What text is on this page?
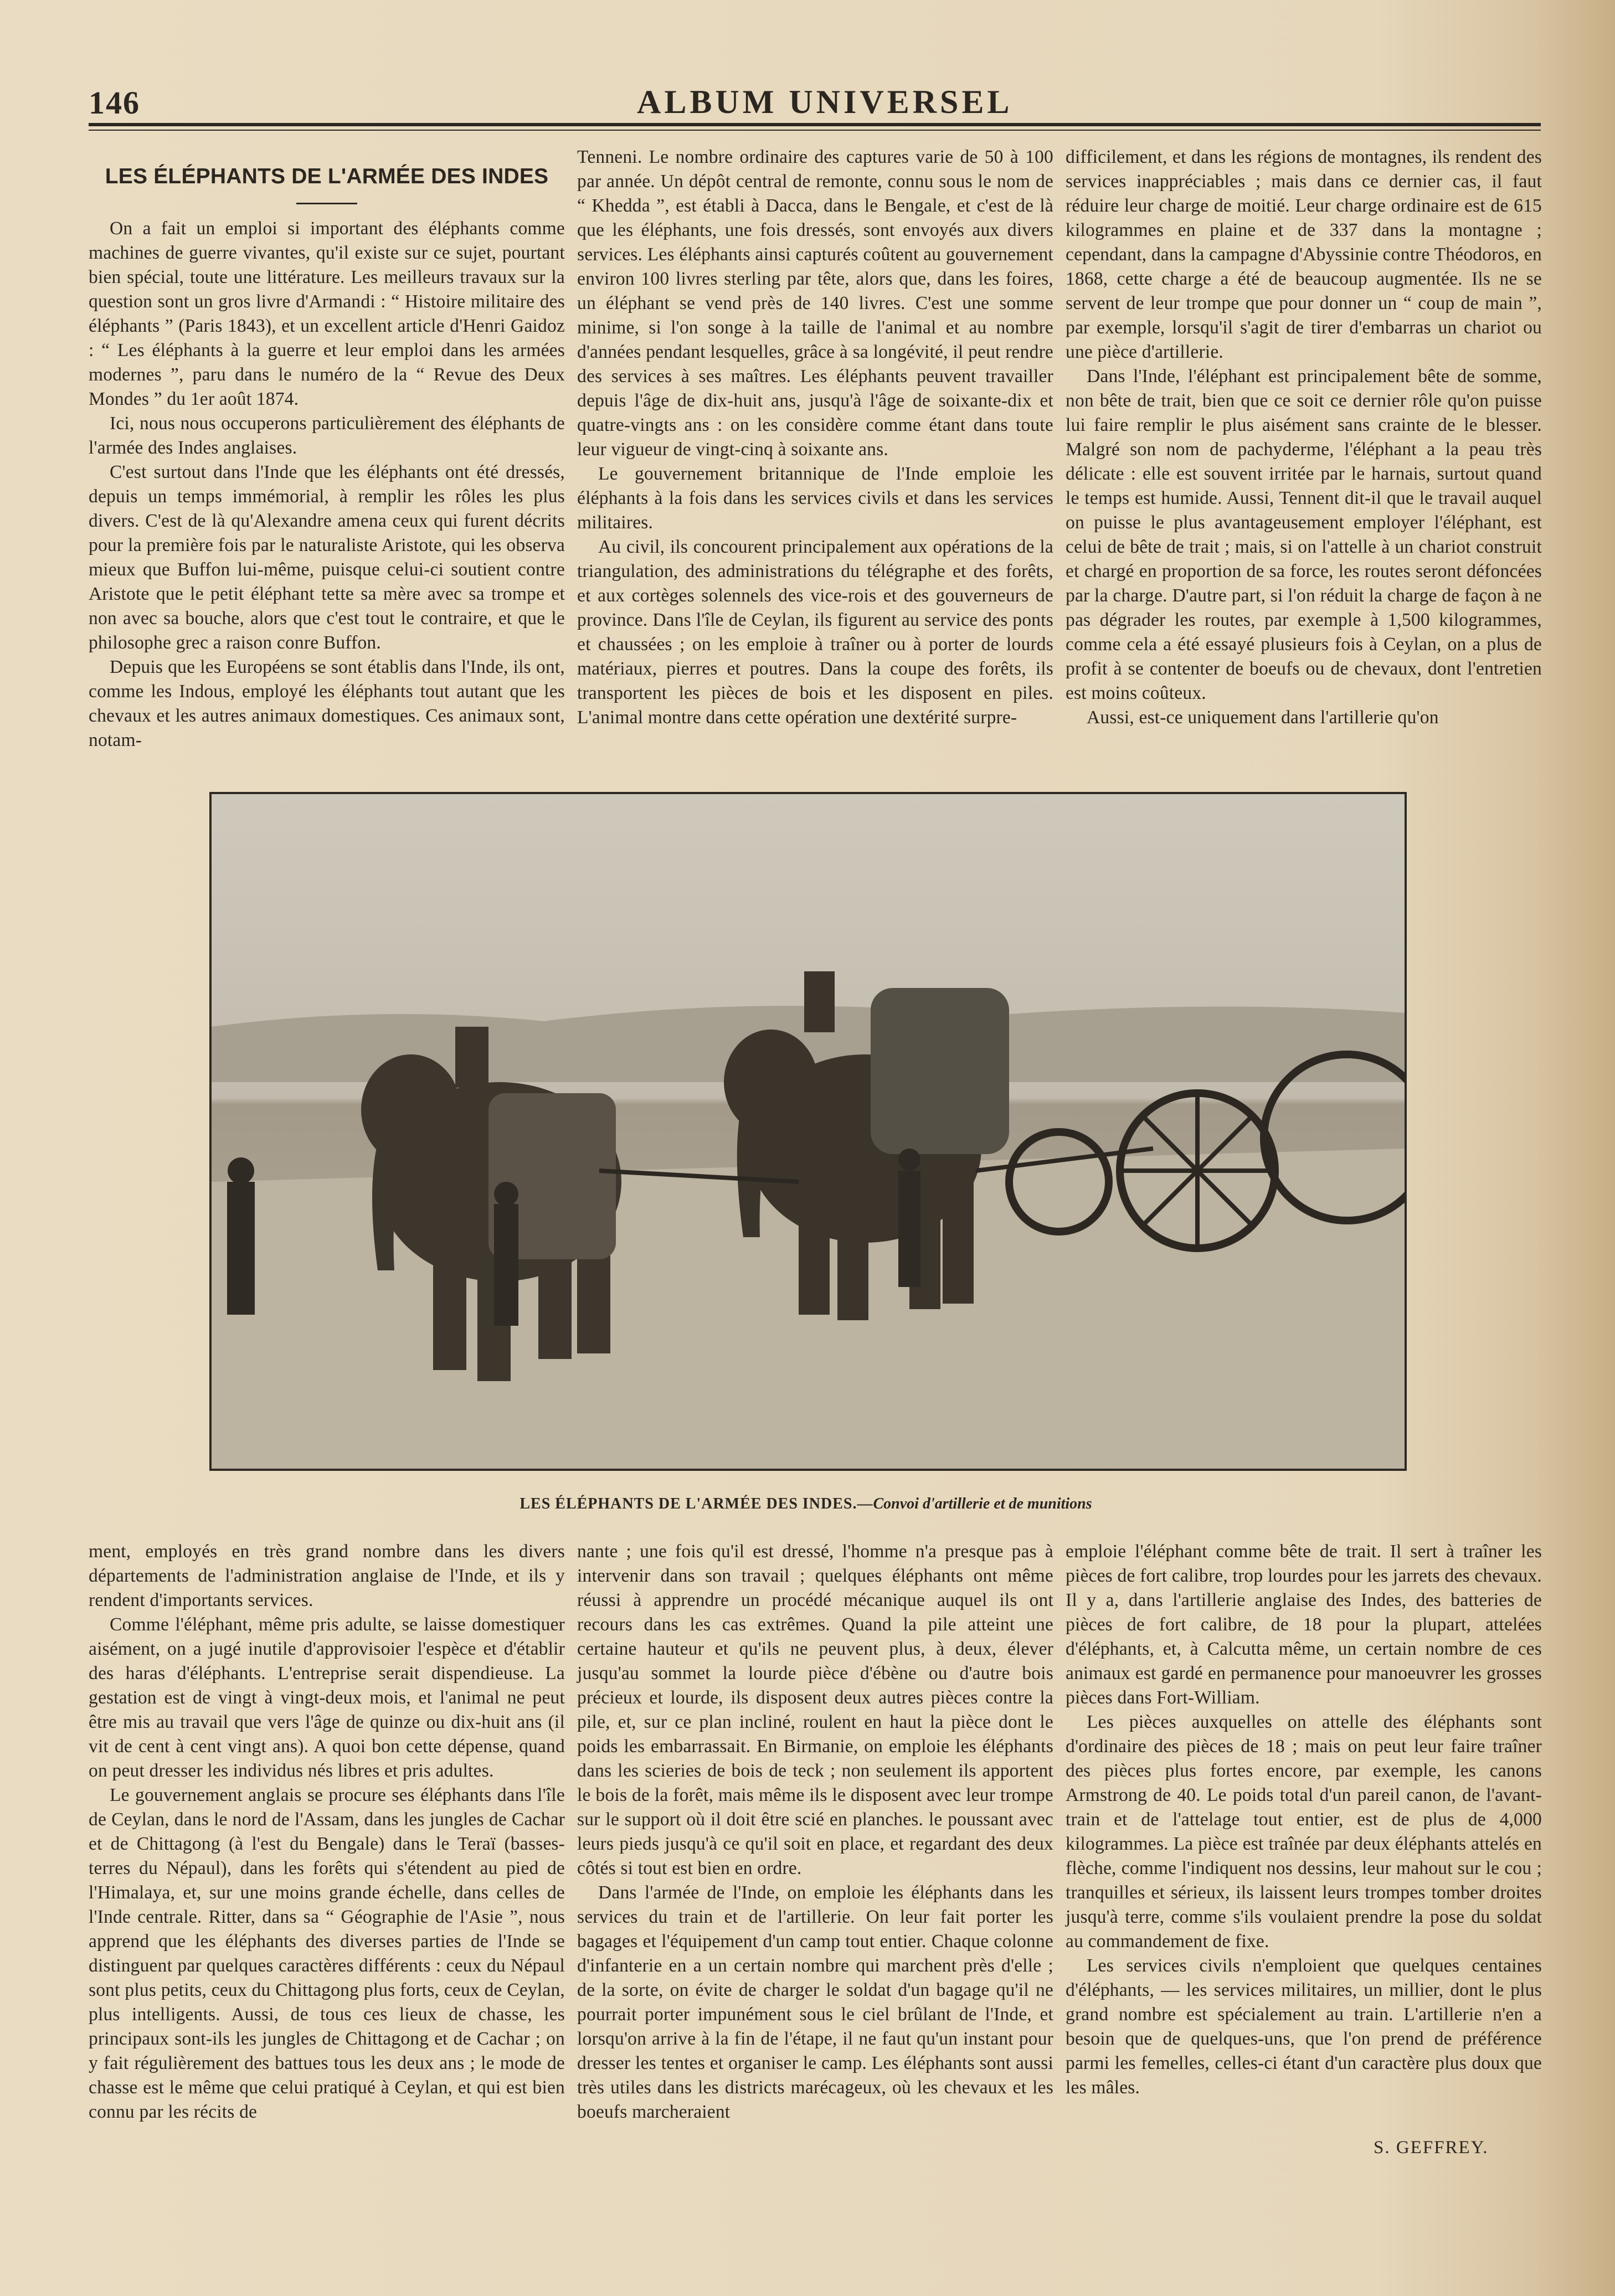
146	ALBUM UNIVERSEL
LES ÉLÉPHANTS DE L'ARMÉE DES INDES

On a fait un emploi si important des éléphants comme machines de guerre vivantes, qu'il existe sur ce sujet, pourtant bien spécial, toute une littérature. Les meilleurs travaux sur la question sont un gros livre d'Armandi : “ Histoire militaire des éléphants ” (Paris 1843), et un excellent article d'Henri Gaidoz : “ Les éléphants à la guerre et leur emploi dans les armées modernes ”, paru dans le numéro de la “ Revue des Deux Mondes ” du 1er août 1874.

Ici, nous nous occuperons particulièrement des éléphants de l'armée des Indes anglaises.

C'est surtout dans l'Inde que les éléphants ont été dressés, depuis un temps immémorial, à remplir les rôles les plus divers. C'est de là qu'Alexandre amena ceux qui furent décrits pour la première fois par le naturaliste Aristote, qui les observa mieux que Buffon lui-même, puisque celui-ci soutient contre Aristote que le petit éléphant tette sa mère avec sa trompe et non avec sa bouche, alors que c'est tout le contraire, et que le philosophe grec a raison conre Buffon.

Depuis que les Européens se sont établis dans l'Inde, ils ont, comme les Indous, employé les éléphants tout autant que les chevaux et les autres animaux domestiques. Ces animaux sont, notam-

Tenneni. Le nombre ordinaire des captures varie de 50 à 100 par année. Un dépôt central de remonte, connu sous le nom de “ Khedda ”, est établi à Dacca, dans le Bengale, et c'est de là que les éléphants, une fois dressés, sont envoyés aux divers services. Les éléphants ainsi capturés coûtent au gouvernement environ 100 livres sterling par tête, alors que, dans les foires, un éléphant se vend près de 140 livres. C'est une somme minime, si l'on songe à la taille de l'animal et au nombre d'années pendant lesquelles, grâce à sa longévité, il peut rendre des services à ses maîtres. Les éléphants peuvent travailler depuis l'âge de dix-huit ans, jusqu'à l'âge de soixante-dix et quatre-vingts ans : on les considère comme étant dans toute leur vigueur de vingt-cinq à soixante ans.

Le gouvernement britannique de l'Inde emploie les éléphants à la fois dans les services civils et dans les services militaires.

Au civil, ils concourent principalement aux opérations de la triangulation, des administrations du télégraphe et des forêts, et aux cortèges solennels des vice-rois et des gouverneurs de province. Dans l'île de Ceylan, ils figurent au service des ponts et chaussées ; on les emploie à traîner ou à porter de lourds matériaux, pierres et poutres. Dans la coupe des forêts, ils transportent les pièces de bois et les disposent en piles. L'animal montre dans cette opération une dextérité surpre-

difficilement, et dans les régions de montagnes, ils rendent des services inappréciables ; mais dans ce dernier cas, il faut réduire leur charge de moitié. Leur charge ordinaire est de 615 kilogrammes en plaine et de 337 dans la montagne ; cependant, dans la campagne d'Abyssinie contre Théodoros, en 1868, cette charge a été de beaucoup augmentée. Ils ne se servent de leur trompe que pour donner un “ coup de main ”, par exemple, lorsqu'il s'agit de tirer d'embarras un chariot ou une pièce d'artillerie.

Dans l'Inde, l'éléphant est principalement bête de somme, non bête de trait, bien que ce soit ce dernier rôle qu'on puisse lui faire remplir le plus aisément sans crainte de le blesser. Malgré son nom de pachyderme, l'éléphant a la peau très délicate : elle est souvent irritée par le harnais, surtout quand le temps est humide. Aussi, Tennent dit-il que le travail auquel on puisse le plus avantageusement employer l'éléphant, est celui de bête de trait ; mais, si on l'attelle à un chariot construit et chargé en proportion de sa force, les routes seront défoncées par la charge. D'autre part, si l'on réduit la charge de façon à ne pas dégrader les routes, par exemple à 1,500 kilogrammes, comme cela a été essayé plusieurs fois à Ceylan, on a plus de profit à se contenter de boeufs ou de chevaux, dont l'entretien est moins coûteux.

Aussi, est-ce uniquement dans l'artillerie qu'on

LES ÉLÉPHANTS DE L'ARMÉE DES INDES.—Convoi d'artillerie et de munitions

ment, employés en très grand nombre dans les divers départements de l'administration anglaise de l'Inde, et ils y rendent d'importants services.

Comme l'éléphant, même pris adulte, se laisse domestiquer aisément, on a jugé inutile d'approvisoier l'espèce et d'établir des haras d'éléphants. L'entreprise serait dispendieuse. La gestation est de vingt à vingt-deux mois, et l'animal ne peut être mis au travail que vers l'âge de quinze ou dix-huit ans (il vit de cent à cent vingt ans). A quoi bon cette dépense, quand on peut dresser les individus nés libres et pris adultes.

Le gouvernement anglais se procure ses éléphants dans l'île de Ceylan, dans le nord de l'Assam, dans les jungles de Cachar et de Chittagong (à l'est du Bengale) dans le Teraï (basses-terres du Népaul), dans les forêts qui s'étendent au pied de l'Himalaya, et, sur une moins grande échelle, dans celles de l'Inde centrale. Ritter, dans sa “ Géographie de l'Asie ”, nous apprend que les éléphants des diverses parties de l'Inde se distinguent par quelques caractères différents : ceux du Népaul sont plus petits, ceux du Chittagong plus forts, ceux de Ceylan, plus intelligents. Aussi, de tous ces lieux de chasse, les principaux sont-ils les jungles de Chittagong et de Cachar ; on y fait régulièrement des battues tous les deux ans ; le mode de chasse est le même que celui pratiqué à Ceylan, et qui est bien connu par les récits de

nante ; une fois qu'il est dressé, l'homme n'a presque pas à intervenir dans son travail ; quelques éléphants ont même réussi à apprendre un procédé mécanique auquel ils ont recours dans les cas extrêmes. Quand la pile atteint une certaine hauteur et qu'ils ne peuvent plus, à deux, élever jusqu'au sommet la lourde pièce d'ébène ou d'autre bois précieux et lourde, ils disposent deux autres pièces contre la pile, et, sur ce plan incliné, roulent en haut la pièce dont le poids les embarrassait. En Birmanie, on emploie les éléphants dans les scieries de bois de teck ; non seulement ils apportent le bois de la forêt, mais même ils le disposent avec leur trompe sur le support où il doit être scié en planches. le poussant avec leurs pieds jusqu'à ce qu'il soit en place, et regardant des deux côtés si tout est bien en ordre.

Dans l'armée de l'Inde, on emploie les éléphants dans les services du train et de l'artillerie. On leur fait porter les bagages et l'équipement d'un camp tout entier. Chaque colonne d'infanterie en a un certain nombre qui marchent près d'elle ; de la sorte, on évite de charger le soldat d'un bagage qu'il ne pourrait porter impunément sous le ciel brûlant de l'Inde, et lorsqu'on arrive à la fin de l'étape, il ne faut qu'un instant pour dresser les tentes et organiser le camp. Les éléphants sont aussi très utiles dans les districts marécageux, où les chevaux et les boeufs marcheraient

emploie l'éléphant comme bête de trait. Il sert à traîner les pièces de fort calibre, trop lourdes pour les jarrets des chevaux. Il y a, dans l'artillerie anglaise des Indes, des batteries de pièces de fort calibre, de 18 pour la plupart, attelées d'éléphants, et, à Calcutta même, un certain nombre de ces animaux est gardé en permanence pour manoeuvrer les grosses pièces dans Fort-William.

Les pièces auxquelles on attelle des éléphants sont d'ordinaire des pièces de 18 ; mais on peut leur faire traîner des pièces plus fortes encore, par exemple, les canons Armstrong de 40. Le poids total d'un pareil canon, de l'avant-train et de l'attelage tout entier, est de plus de 4,000 kilogrammes. La pièce est traînée par deux éléphants attelés en flèche, comme l'indiquent nos dessins, leur mahout sur le cou ; tranquilles et sérieux, ils laissent leurs trompes tomber droites jusqu'à terre, comme s'ils voulaient prendre la pose du soldat au commandement de fixe.

Les services civils n'emploient que quelques centaines d'éléphants, — les services militaires, un millier, dont le plus grand nombre est spécialement au train. L'artillerie n'en a besoin que de quelques-uns, que l'on prend de préférence parmi les femelles, celles-ci étant d'un caractère plus doux que les mâles.

S. GEFFREY.
